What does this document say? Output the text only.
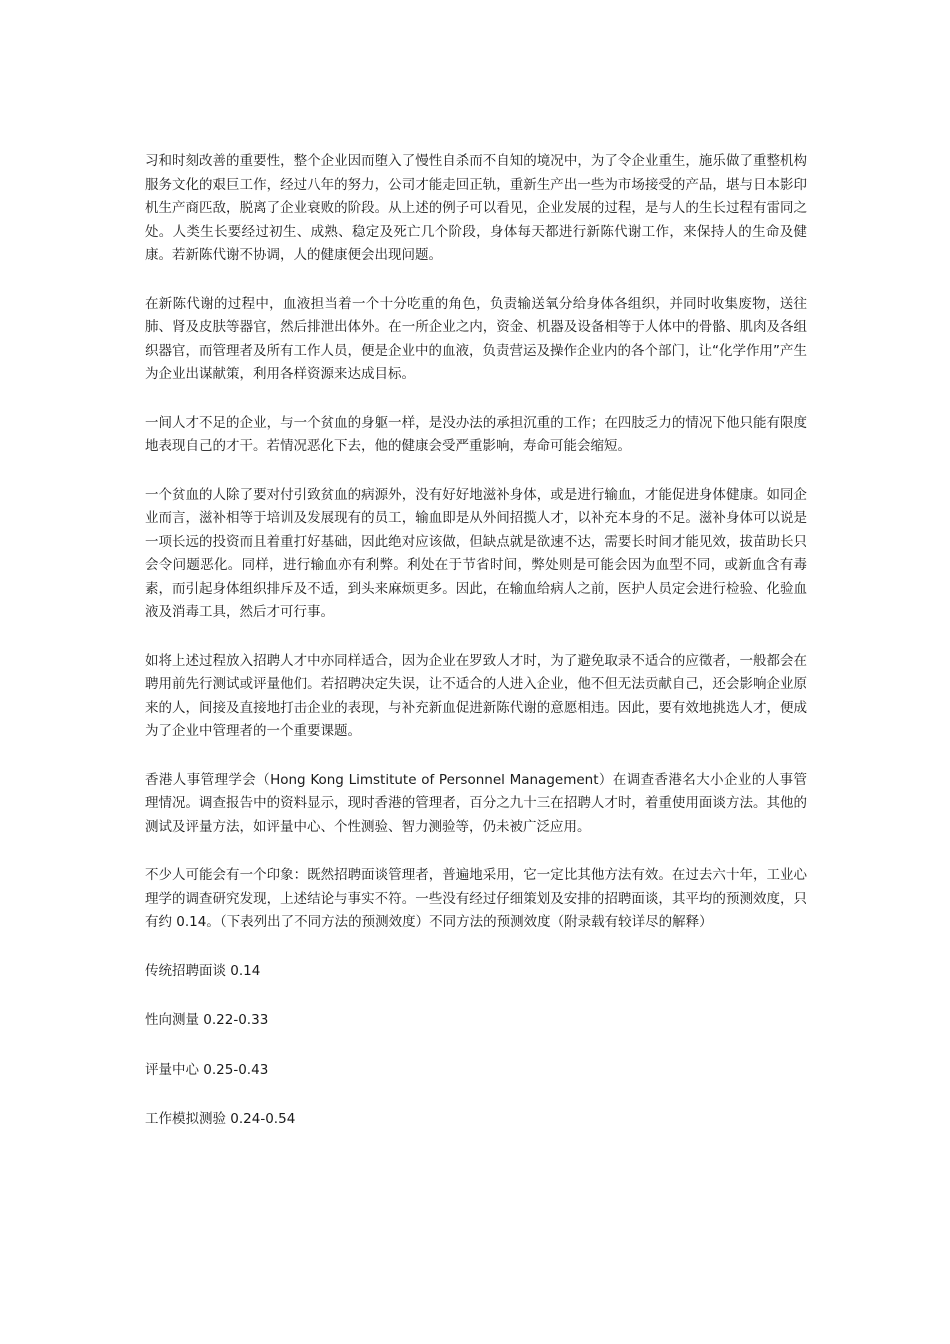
习和时刻改善的重要性，整个企业因而堕入了慢性自杀而不自知的境况中，为了令企业重生，施乐做了重整机构服务文化的艰巨工作，经过八年的努力，公司才能走回正轨，重新生产出一些为市场接受的产品，堪与日本影印机生产商匹敌，脱离了企业衰败的阶段。从上述的例子可以看见，企业发展的过程，是与人的生长过程有雷同之处。人类生长要经过初生、成熟、稳定及死亡几个阶段，身体每天都进行新陈代谢工作，来保持人的生命及健康。若新陈代谢不协调，人的健康便会出现问题。

在新陈代谢的过程中，血液担当着一个十分吃重的角色，负责输送氧分给身体各组织，并同时收集废物，送往肺、肾及皮肤等器官，然后排泄出体外。在一所企业之内，资金、机器及设备相等于人体中的骨骼、肌肉及各组织器官，而管理者及所有工作人员，便是企业中的血液，负责营运及操作企业内的各个部门，让“化学作用”产生为企业出谋献策，利用各样资源来达成目标。

一间人才不足的企业，与一个贫血的身躯一样，是没办法的承担沉重的工作；在四肢乏力的情况下他只能有限度地表现自己的才干。若情况恶化下去，他的健康会受严重影响，寿命可能会缩短。

一个贫血的人除了要对付引致贫血的病源外，没有好好地滋补身体，或是进行输血，才能促进身体健康。如同企业而言，滋补相等于培训及发展现有的员工，输血即是从外间招揽人才，以补充本身的不足。滋补身体可以说是一项长远的投资而且着重打好基础，因此绝对应该做，但缺点就是欲速不达，需要长时间才能见效，拔苗助长只会令问题恶化。同样，进行输血亦有利弊。利处在于节省时间，弊处则是可能会因为血型不同，或新血含有毒素，而引起身体组织排斥及不适，到头来麻烦更多。因此，在输血给病人之前，医护人员定会进行检验、化验血液及消毒工具，然后才可行事。

如将上述过程放入招聘人才中亦同样适合，因为企业在罗致人才时，为了避免取录不适合的应徵者，一般都会在聘用前先行测试或评量他们。若招聘决定失误，让不适合的人进入企业，他不但无法贡献自己，还会影响企业原来的人，间接及直接地打击企业的表现，与补充新血促进新陈代谢的意愿相违。因此，要有效地挑选人才，便成为了企业中管理者的一个重要课题。

香港人事管理学会（Hong Kong Limstitute of Personnel Management）在调查香港名大小企业的人事管理情况。调查报告中的资料显示，现时香港的管理者，百分之九十三在招聘人才时，着重使用面谈方法。其他的测试及评量方法，如评量中心、个性测验、智力测验等，仍未被广泛应用。

不少人可能会有一个印象：既然招聘面谈管理者，普遍地采用，它一定比其他方法有效。在过去六十年，工业心理学的调查研究发现，上述结论与事实不符。一些没有经过仔细策划及安排的招聘面谈，其平均的预测效度，只有约 0.14。（下表列出了不同方法的预测效度）不同方法的预测效度（附录载有较详尽的解释）

传统招聘面谈 0.14

性向测量 0.22-0.33

评量中心 0.25-0.43

工作模拟测验 0.24-0.54
